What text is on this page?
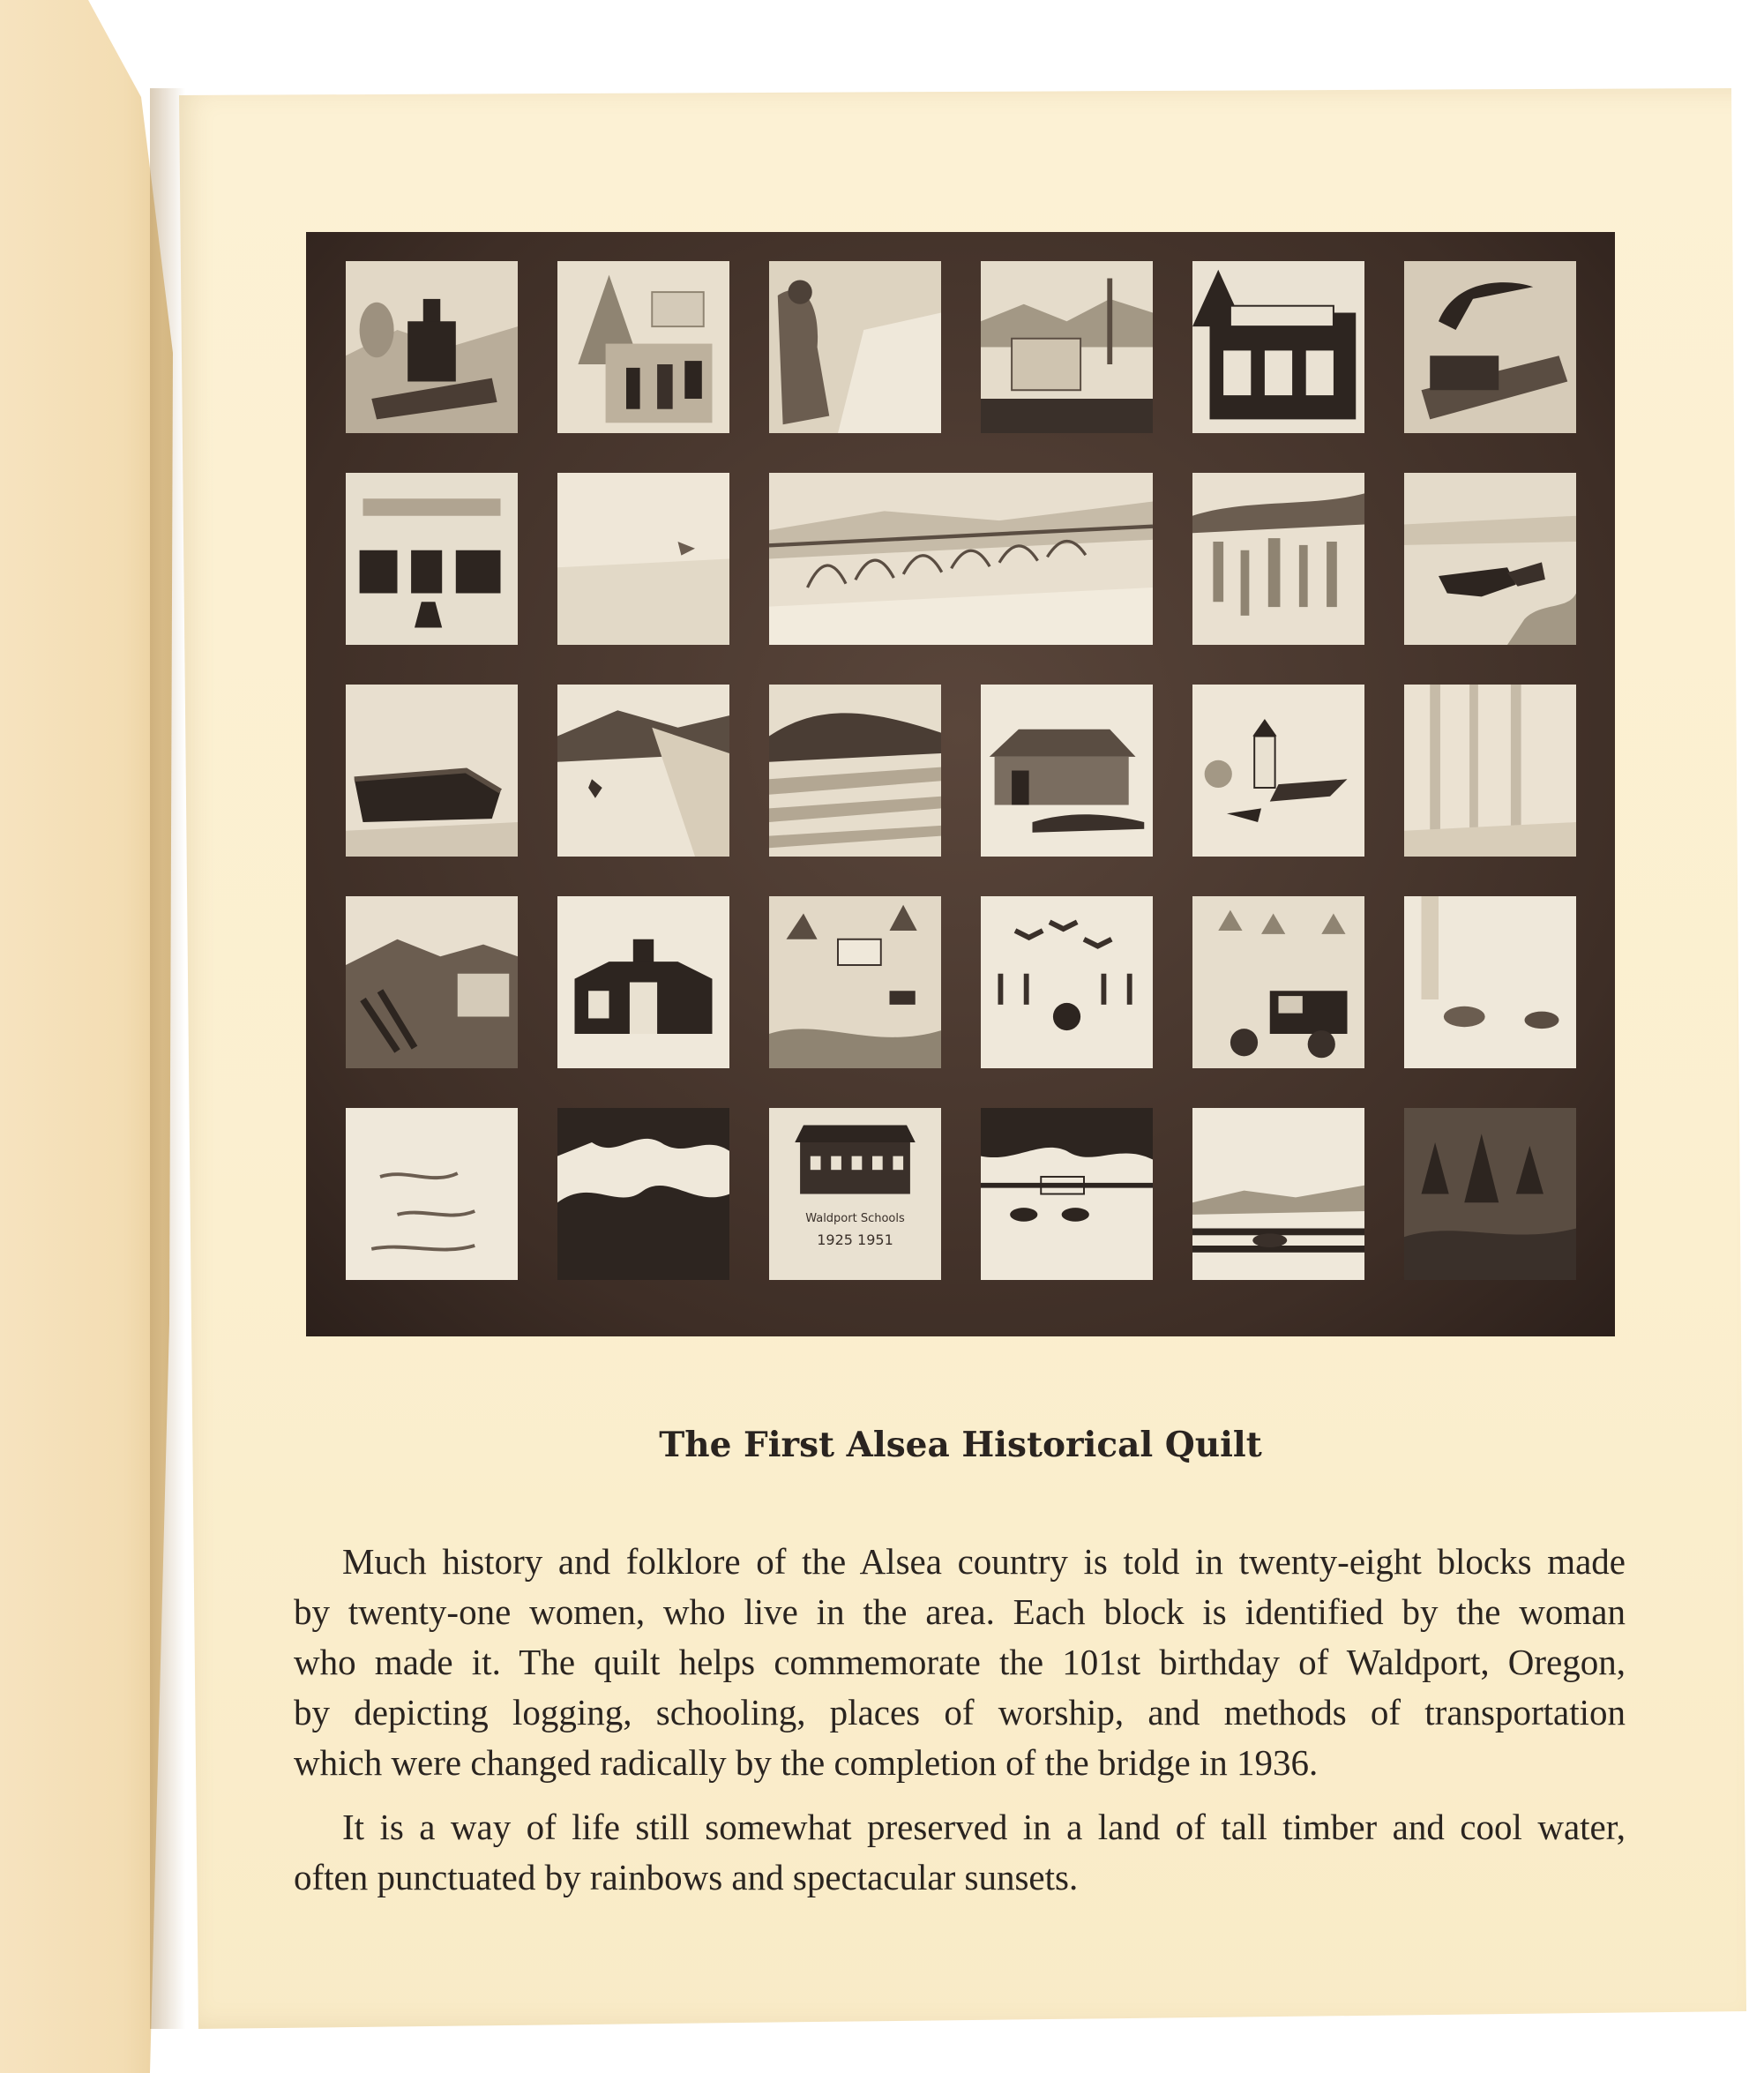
Waldport Schools
1925 1951
The First Alsea Historical Quilt
Much history and folklore of the Alsea country is told in twenty-eight blocks made
by twenty-one women, who live in the area. Each block is identified by the woman
who made it. The quilt helps commemorate the 101st birthday of Waldport, Oregon,
by depicting logging, schooling, places of worship, and methods of transportation
which were changed radically by the completion of the bridge in 1936.
It is a way of life still somewhat preserved in a land of tall timber and cool water,
often punctuated by rainbows and spectacular sunsets.
